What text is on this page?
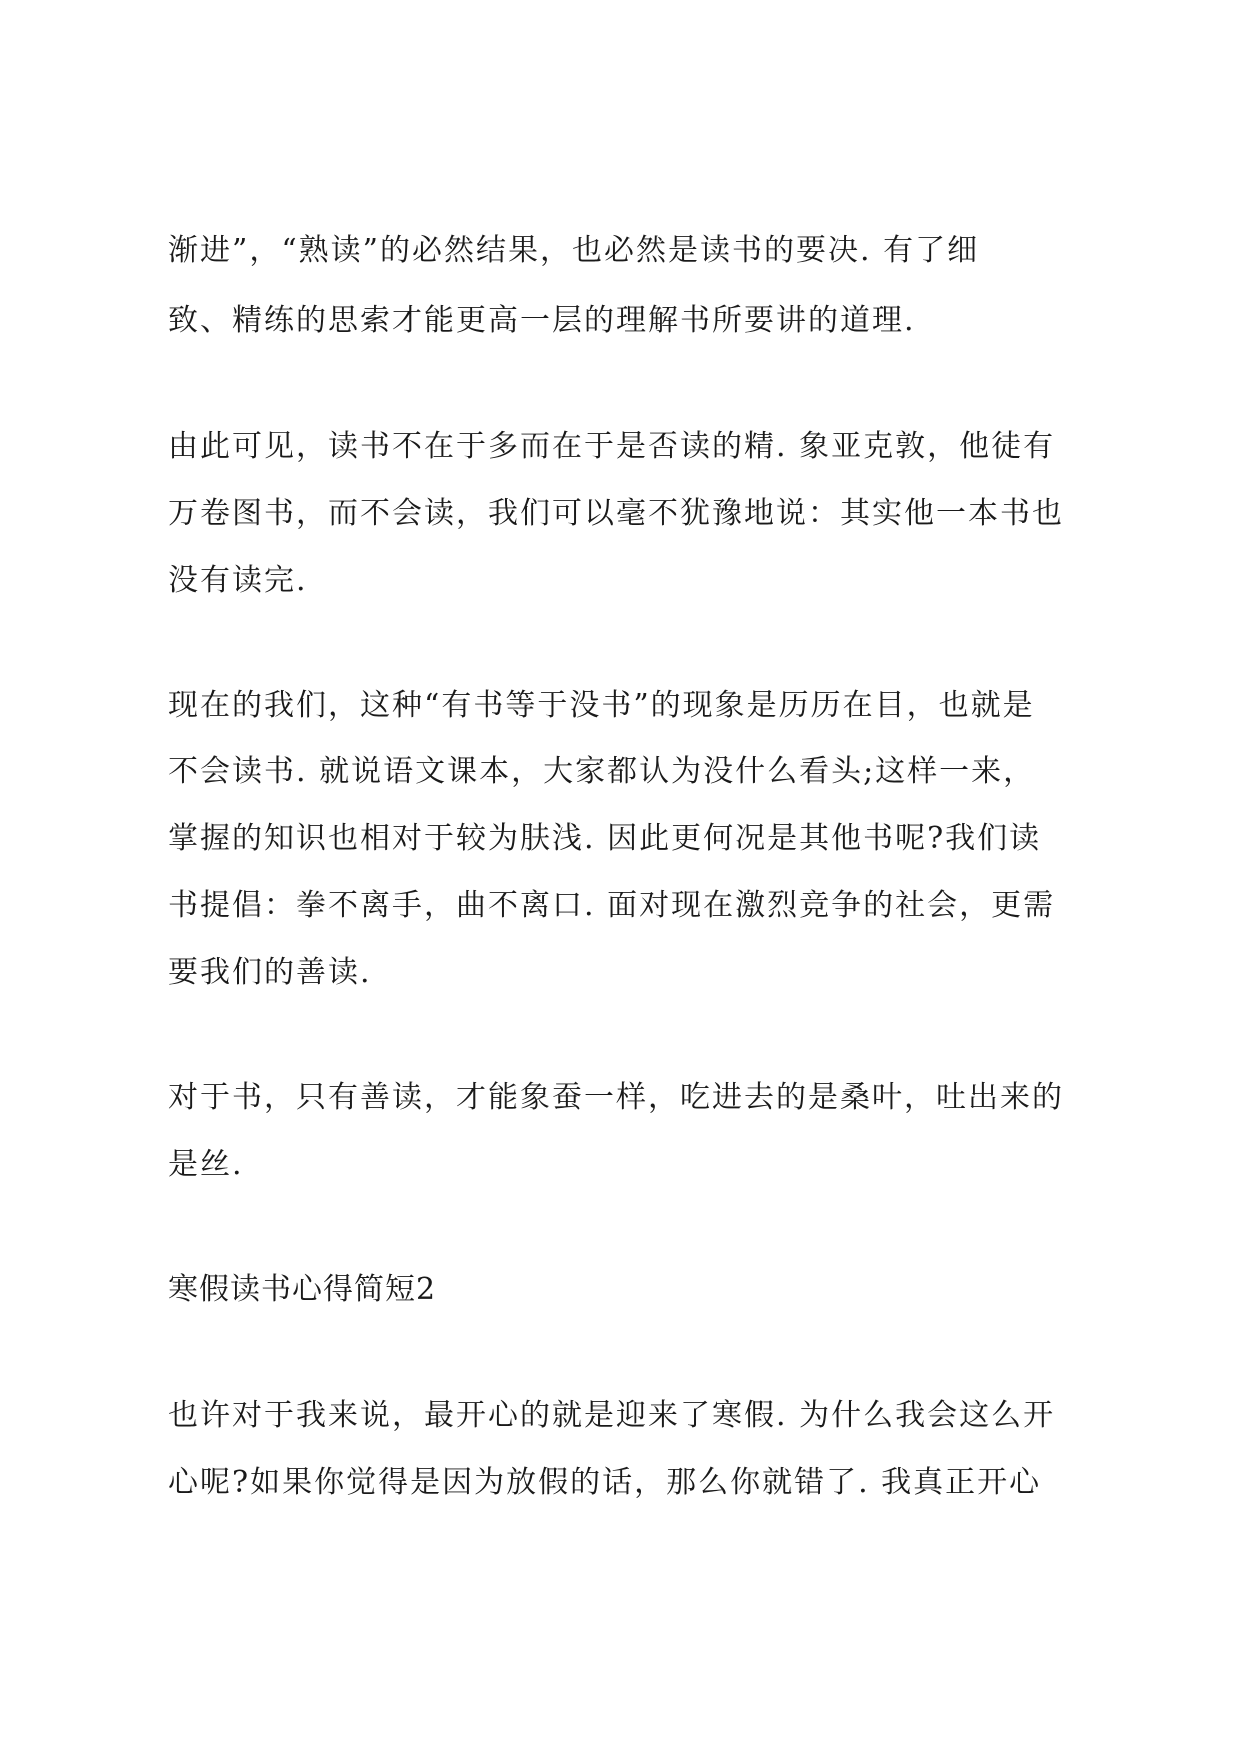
渐进”，“熟读”的必然结果，也必然是读书的要决. 有了细
致、精练的思索才能更高一层的理解书所要讲的道理.
由此可见，读书不在于多而在于是否读的精. 象亚克敦，他徒有
万卷图书，而不会读，我们可以毫不犹豫地说：其实他一本书也
没有读完.
现在的我们，这种“有书等于没书”的现象是历历在目，也就是
不会读书. 就说语文课本，大家都认为没什么看头;这样一来，
掌握的知识也相对于较为肤浅. 因此更何况是其他书呢?我们读
书提倡：拳不离手，曲不离口. 面对现在激烈竞争的社会，更需
要我们的善读.
对于书，只有善读，才能象蚕一样，吃进去的是桑叶，吐出来的
是丝.
寒假读书心得简短2
也许对于我来说，最开心的就是迎来了寒假. 为什么我会这么开
心呢?如果你觉得是因为放假的话，那么你就错了. 我真正开心
